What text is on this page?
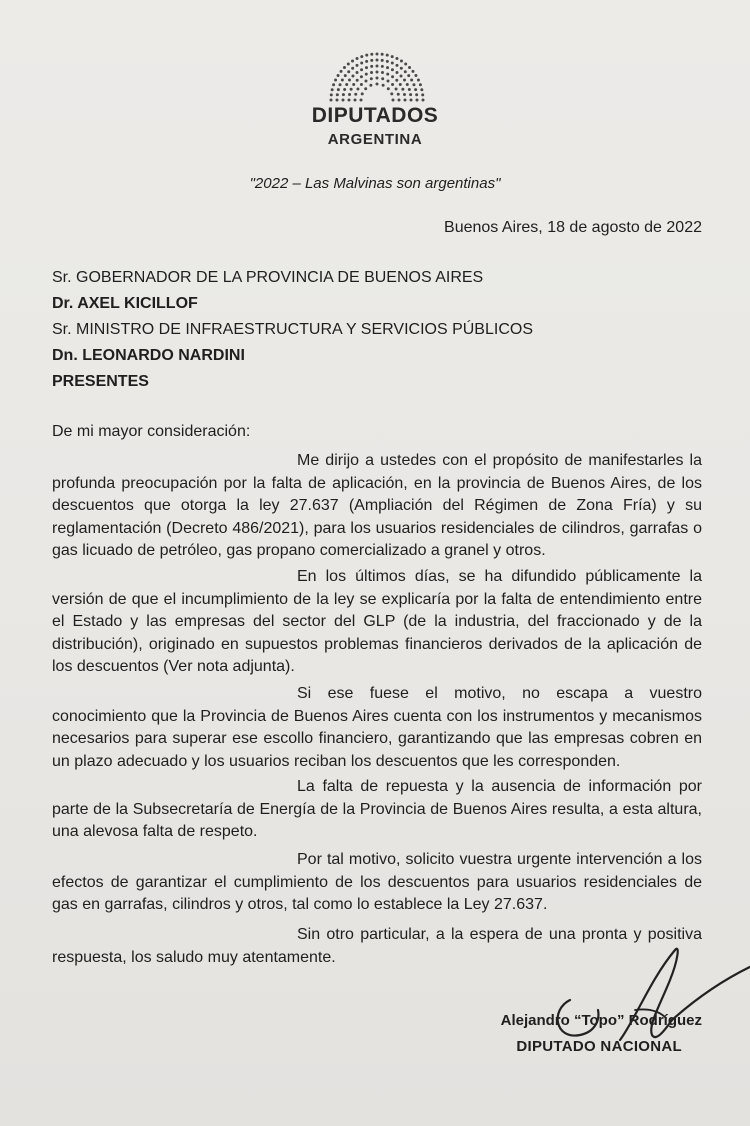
DIPUTADOS
ARGENTINA
"2022 – Las Malvinas son argentinas"
Buenos Aires, 18 de agosto de 2022
Sr. GOBERNADOR DE LA PROVINCIA DE BUENOS AIRES
Dr. AXEL KICILLOF
Sr. MINISTRO DE INFRAESTRUCTURA Y SERVICIOS PÚBLICOS
Dn. LEONARDO NARDINI
PRESENTES
De mi mayor consideración:

Me dirijo a ustedes con el propósito de manifestarles la profunda preocupación por la falta de aplicación, en la provincia de Buenos Aires, de los descuentos que otorga la ley 27.637 (Ampliación del Régimen de Zona Fría) y su reglamentación (Decreto 486/2021), para los usuarios residenciales de cilindros, garrafas o gas licuado de petróleo, gas propano comercializado a granel y otros.

En los últimos días, se ha difundido públicamente la versión de que el incumplimiento de la ley se explicaría por la falta de entendimiento entre el Estado y las empresas del sector del GLP (de la industria, del fraccionado y de la distribución), originado en supuestos problemas financieros derivados de la aplicación de los descuentos (Ver nota adjunta).

Si ese fuese el motivo, no escapa a vuestro conocimiento que la Provincia de Buenos Aires cuenta con los instrumentos y mecanismos necesarios para superar ese escollo financiero, garantizando que las empresas cobren en un plazo adecuado y los usuarios reciban los descuentos que les corresponden.

La falta de repuesta y la ausencia de información por parte de la Subsecretaría de Energía de la Provincia de Buenos Aires resulta, a esta altura, una alevosa falta de respeto.

Por tal motivo, solicito vuestra urgente intervención a los efectos de garantizar el cumplimiento de los descuentos para usuarios residenciales de gas en garrafas, cilindros y otros, tal como lo establece la Ley 27.637.

Sin otro particular, a la espera de una pronta y positiva respuesta, los saludo muy atentamente.

Alejandro “Topo” Rodríguez
DIPUTADO NACIONAL
